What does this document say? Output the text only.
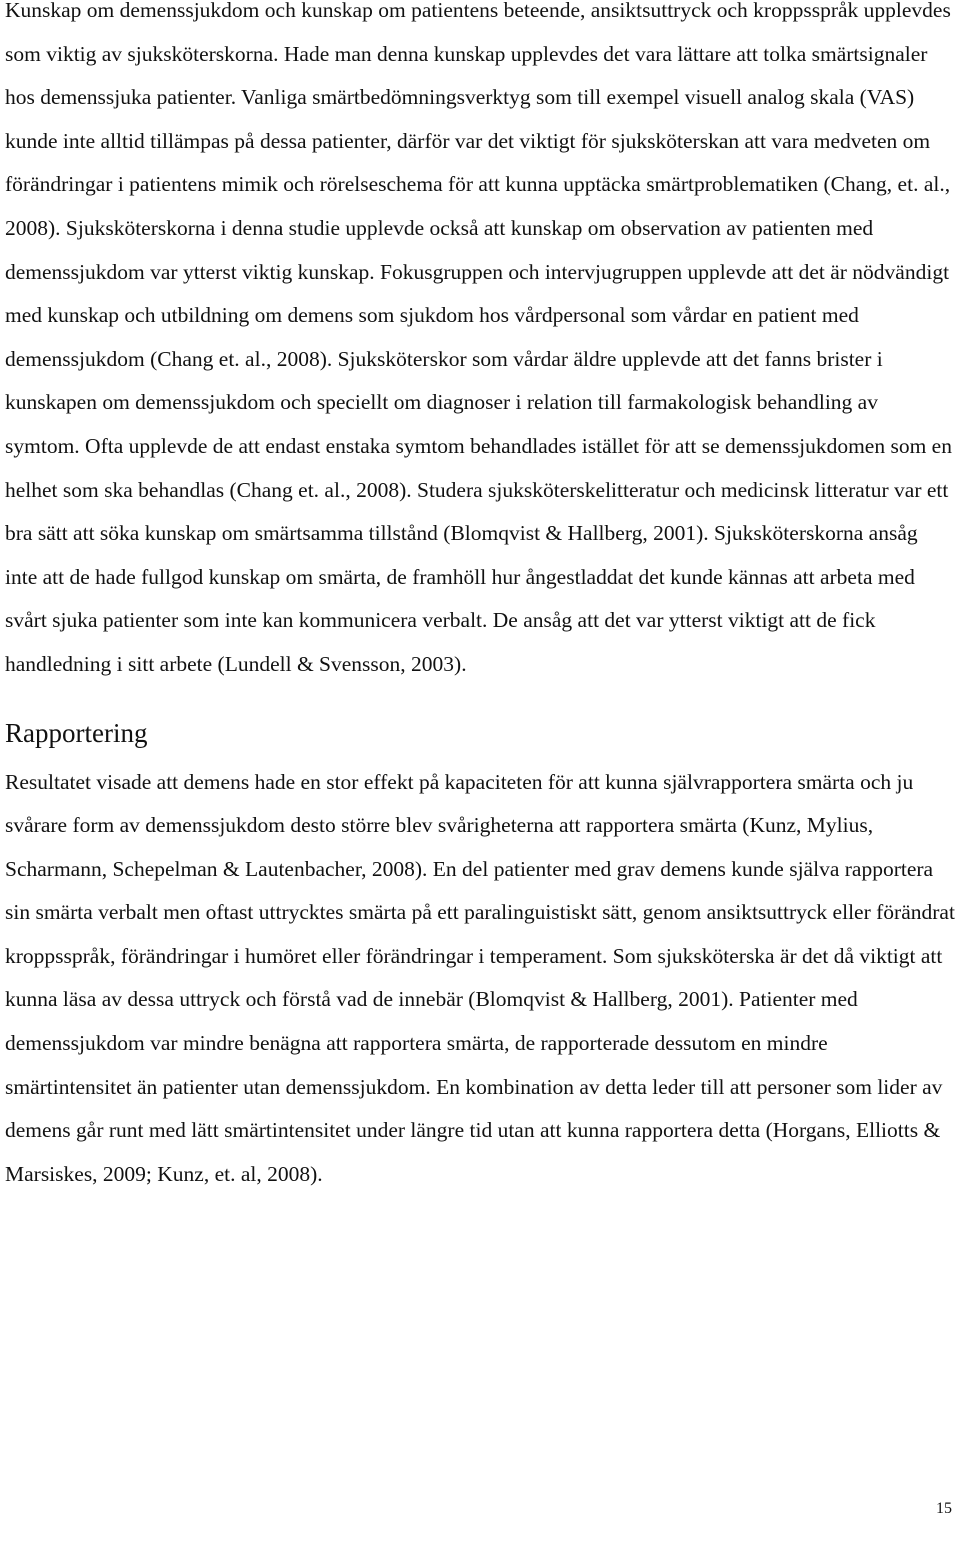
Kunskap om demenssjukdom och kunskap om patientens beteende, ansiktsuttryck och kroppsspråk upplevdes som viktig av sjuksköterskorna. Hade man denna kunskap upplevdes det vara lättare att tolka smärtsignaler hos demenssjuka patienter. Vanliga smärtbedömningsverktyg som till exempel visuell analog skala (VAS) kunde inte alltid tillämpas på dessa patienter, därför var det viktigt för sjuksköterskan att vara medveten om förändringar i patientens mimik och rörelseschema för att kunna upptäcka smärtproblematiken (Chang, et. al., 2008). Sjuksköterskorna i denna studie upplevde också att kunskap om observation av patienten med demenssjukdom var ytterst viktig kunskap. Fokusgruppen och intervjugruppen upplevde att det är nödvändigt med kunskap och utbildning om demens som sjukdom hos vårdpersonal som vårdar en patient med demenssjukdom (Chang et. al., 2008). Sjuksköterskor som vårdar äldre upplevde att det fanns brister i kunskapen om demenssjukdom och speciellt om diagnoser i relation till farmakologisk behandling av symtom. Ofta upplevde de att endast enstaka symtom behandlades istället för att se demenssjukdomen som en helhet som ska behandlas (Chang et. al., 2008). Studera sjuksköterskelitteratur och medicinsk litteratur var ett bra sätt att söka kunskap om smärtsamma tillstånd (Blomqvist & Hallberg, 2001). Sjuksköterskorna ansåg inte att de hade fullgod kunskap om smärta, de framhöll hur ångestladdat det kunde kännas att arbeta med svårt sjuka patienter som inte kan kommunicera verbalt. De ansåg att det var ytterst viktigt att de fick handledning i sitt arbete (Lundell & Svensson, 2003).

Rapportering

Resultatet visade att demens hade en stor effekt på kapaciteten för att kunna självrapportera smärta och ju svårare form av demenssjukdom desto större blev svårigheterna att rapportera smärta (Kunz, Mylius, Scharmann, Schepelman & Lautenbacher, 2008). En del patienter med grav demens kunde själva rapportera sin smärta verbalt men oftast uttrycktes smärta på ett paralinguistiskt sätt, genom ansiktsuttryck eller förändrat kroppsspråk, förändringar i humöret eller förändringar i temperament. Som sjuksköterska är det då viktigt att kunna läsa av dessa uttryck och förstå vad de innebär (Blomqvist & Hallberg, 2001). Patienter med demenssjukdom var mindre benägna att rapportera smärta, de rapporterade dessutom en mindre smärtintensitet än patienter utan demenssjukdom. En kombination av detta leder till att personer som lider av demens går runt med lätt smärtintensitet under längre tid utan att kunna rapportera detta (Horgans, Elliotts & Marsiskes, 2009; Kunz, et. al, 2008).

15
